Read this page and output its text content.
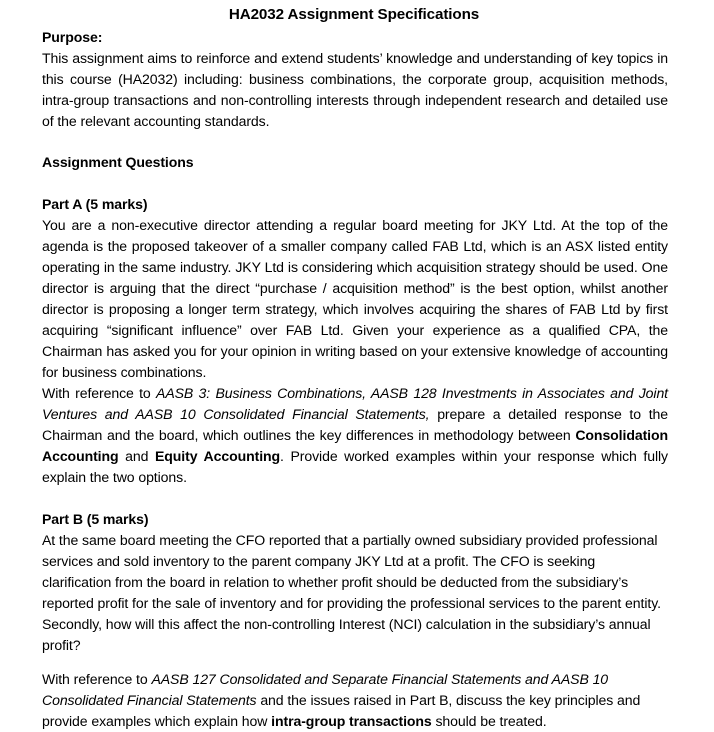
HA2032 Assignment Specifications
Purpose:

This assignment aims to reinforce and extend students’ knowledge and understanding of key topics in this course (HA2032) including: business combinations, the corporate group, acquisition methods, intra-group transactions and non-controlling interests through independent research and detailed use of the relevant accounting standards.

Assignment Questions
Part A (5 marks)

You are a non-executive director attending a regular board meeting for JKY Ltd. At the top of the agenda is the proposed takeover of a smaller company called FAB Ltd, which is an ASX listed entity operating in the same industry. JKY Ltd is considering which acquisition strategy should be used. One director is arguing that the direct “purchase / acquisition method” is the best option, whilst another director is proposing a longer term strategy, which involves acquiring the shares of FAB Ltd by first acquiring “significant influence” over FAB Ltd. Given your experience as a qualified CPA, the Chairman has asked you for your opinion in writing based on your extensive knowledge of accounting for business combinations.

With reference to AASB 3: Business Combinations, AASB 128 Investments in Associates and Joint Ventures and AASB 10 Consolidated Financial Statements, prepare a detailed response to the Chairman and the board, which outlines the key differences in methodology between Consolidation Accounting and Equity Accounting. Provide worked examples within your response which fully explain the two options.

Part B (5 marks)

At the same board meeting the CFO reported that a partially owned subsidiary provided professional services and sold inventory to the parent company JKY Ltd at a profit. The CFO is seeking clarification from the board in relation to whether profit should be deducted from the subsidiary’s reported profit for the sale of inventory and for providing the professional services to the parent entity. Secondly, how will this affect the non-controlling Interest (NCI) calculation in the subsidiary’s annual profit?

With reference to AASB 127 Consolidated and Separate Financial Statements and AASB 10 Consolidated Financial Statements and the issues raised in Part B, discuss the key principles and provide examples which explain how intra-group transactions should be treated.
